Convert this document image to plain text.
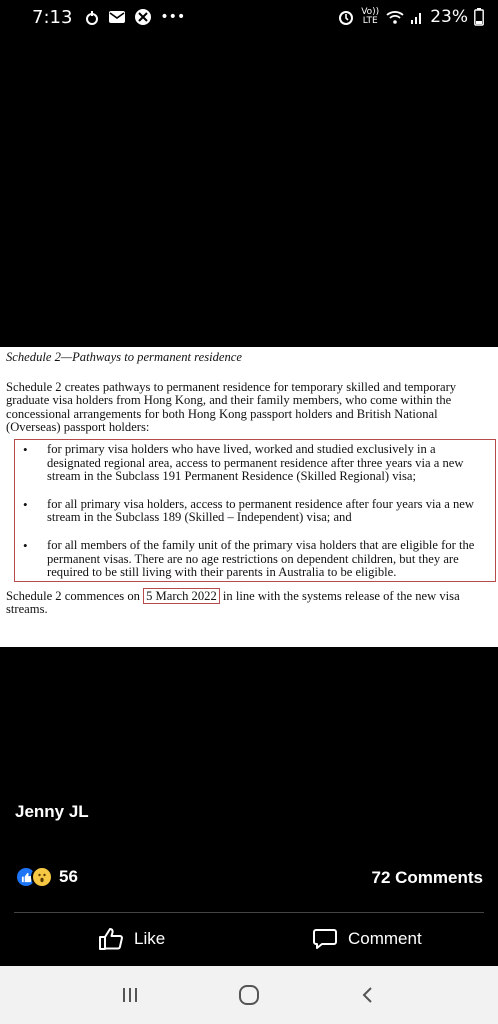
7:13	•••	Vo)) LTE	23%
Schedule 2—Pathways to permanent residence
Schedule 2 creates pathways to permanent residence for temporary skilled and temporary graduate visa holders from Hong Kong, and their family members, who come within the concessional arrangements for both Hong Kong passport holders and British National (Overseas) passport holders:
•	for primary visa holders who have lived, worked and studied exclusively in a designated regional area, access to permanent residence after three years via a new stream in the Subclass 191 Permanent Residence (Skilled Regional) visa;
•	for all primary visa holders, access to permanent residence after four years via a new stream in the Subclass 189 (Skilled – Independent) visa; and
•	for all members of the family unit of the primary visa holders that are eligible for the permanent visas. There are no age restrictions on dependent children, but they are required to be still living with their parents in Australia to be eligible.
Schedule 2 commences on 5 March 2022 in line with the systems release of the new visa streams.
Jenny JL
56	72 Comments
Like	Comment
